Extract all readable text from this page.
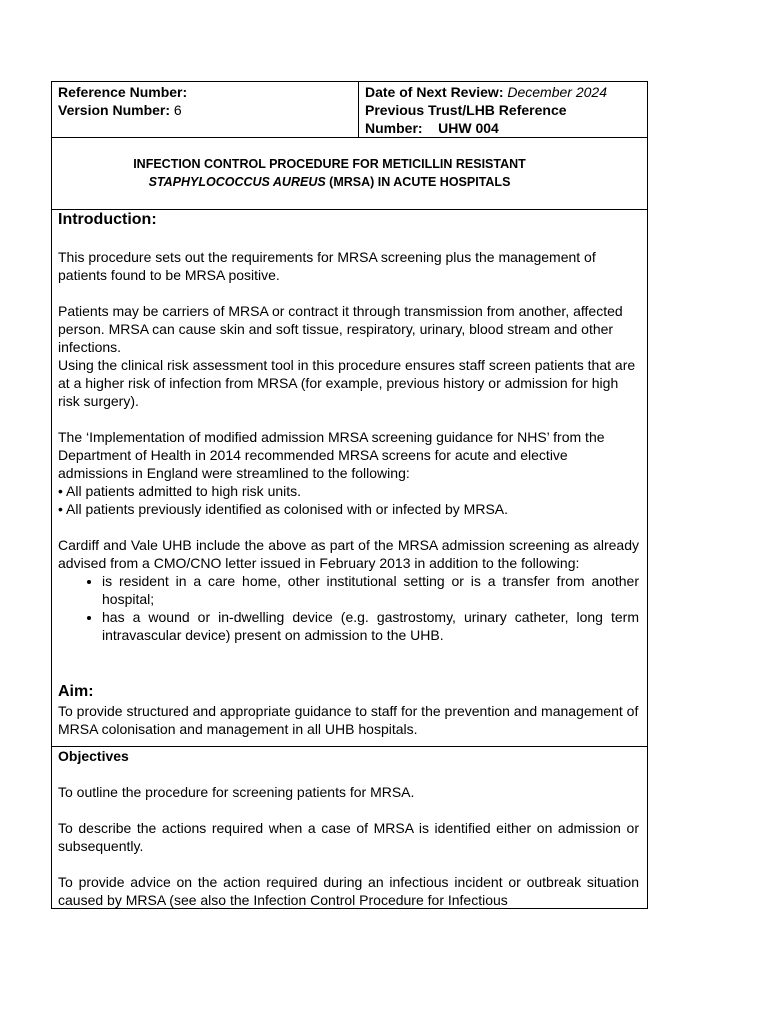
Reference Number:
Version Number: 6

Date of Next Review: December 2024
Previous Trust/LHB Reference
Number: UHW 004

INFECTION CONTROL PROCEDURE FOR METICILLIN RESISTANT
STAPHYLOCOCCUS AUREUS (MRSA) IN ACUTE HOSPITALS

Introduction:

This procedure sets out the requirements for MRSA screening plus the management of patients found to be MRSA positive.

Patients may be carriers of MRSA or contract it through transmission from another, affected person. MRSA can cause skin and soft tissue, respiratory, urinary, blood stream and other infections.

Using the clinical risk assessment tool in this procedure ensures staff screen patients that are at a higher risk of infection from MRSA (for example, previous history or admission for high risk surgery).

The ‘Implementation of modified admission MRSA screening guidance for NHS’ from the Department of Health in 2014 recommended MRSA screens for acute and elective admissions in England were streamlined to the following:

• All patients admitted to high risk units.

• All patients previously identified as colonised with or infected by MRSA.

Cardiff and Vale UHB include the above as part of the MRSA admission screening as already advised from a CMO/CNO letter issued in February 2013 in addition to the following:

• is resident in a care home, other institutional setting or is a transfer from another hospital;
• has a wound or in-dwelling device (e.g. gastrostomy, urinary catheter, long term intravascular device) present on admission to the UHB.
Aim:

To provide structured and appropriate guidance to staff for the prevention and management of MRSA colonisation and management in all UHB hospitals.

Objectives

To outline the procedure for screening patients for MRSA.

To describe the actions required when a case of MRSA is identified either on admission or subsequently.

To provide advice on the action required during an infectious incident or outbreak situation caused by MRSA (see also the Infection Control Procedure for Infectious
